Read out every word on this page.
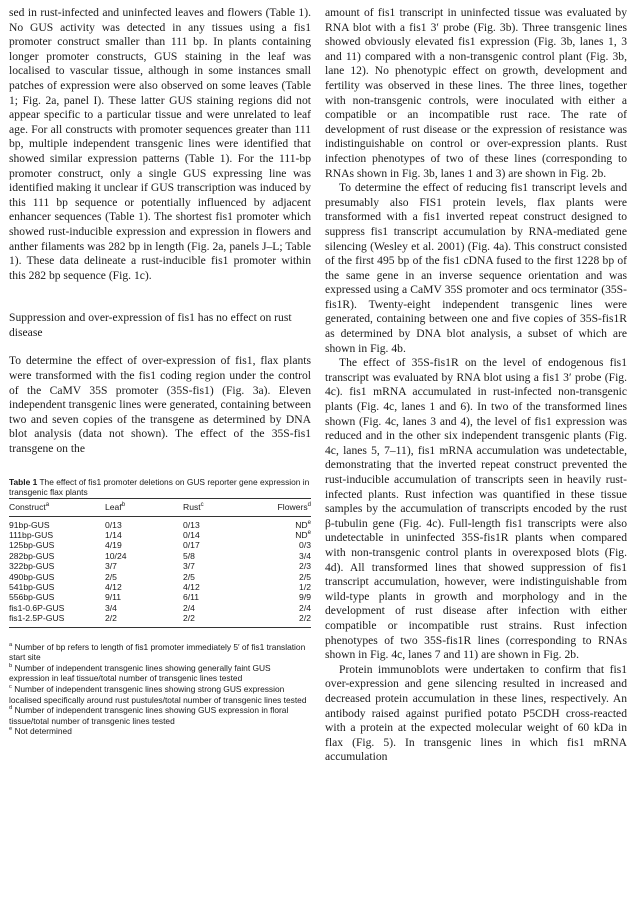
sed in rust-infected and uninfected leaves and flowers (Table 1). No GUS activity was detected in any tissues using a fis1 promoter construct smaller than 111 bp. In plants containing longer promoter constructs, GUS staining in the leaf was localised to vascular tissue, although in some instances small patches of expression were also observed on some leaves (Table 1; Fig. 2a, panel I). These latter GUS staining regions did not appear specific to a particular tissue and were unrelated to leaf age. For all constructs with promoter sequences greater than 111 bp, multiple independent transgenic lines were identified that showed similar expression patterns (Table 1). For the 111-bp promoter construct, only a single GUS expressing line was identified making it unclear if GUS transcription was induced by this 111 bp sequence or potentially influenced by adjacent enhancer sequences (Table 1). The shortest fis1 promoter which showed rust-inducible expression and expression in flowers and anther filaments was 282 bp in length (Fig. 2a, panels J–L; Table 1). These data delineate a rust-inducible fis1 promoter within this 282 bp sequence (Fig. 1c).

Suppression and over-expression of fis1 has no effect on rust disease

To determine the effect of over-expression of fis1, flax plants were transformed with the fis1 coding region under the control of the CaMV 35S promoter (35S-fis1) (Fig. 3a). Eleven independent transgenic lines were generated, containing between two and seven copies of the transgene as determined by DNA blot analysis (data not shown). The effect of the 35S-fis1 transgene on the

Table 1 The effect of fis1 promoter deletions on GUS reporter gene expression in transgenic flax plants

Construct$^a$	Leaf$^b$	Rust$^c$	Flowers$^d$
91bp-GUS	0/13	0/13	$ND^e$
111bp-GUS	1/14	0/14	$ND^e$
125bp-GUS	4/19	0/17	0/3
282bp-GUS	10/24	5/8	3/4
322bp-GUS	3/7	3/7	2/3
490bp-GUS	2/5	2/5	2/5
541bp-GUS	4/12	4/12	1/2
556bp-GUS	9/11	6/11	9/9
fis1-0.6P-GUS	3/4	2/4	2/4
fis1-2.5P-GUS	2/2	2/2	2/2

$^a$ Number of bp refers to length of fis1 promoter immediately 5′ of fis1 translation start site

$^b$ Number of independent transgenic lines showing generally faint GUS expression in leaf tissue/total number of transgenic lines tested

$^c$ Number of independent transgenic lines showing strong GUS expression localised specifically around rust pustules/total number of transgenic lines tested

$^d$ Number of independent transgenic lines showing GUS expression in floral tissue/total number of transgenic lines tested

$^e$ Not determined

amount of fis1 transcript in uninfected tissue was evaluated by RNA blot with a fis1 3′ probe (Fig. 3b). Three transgenic lines showed obviously elevated fis1 expression (Fig. 3b, lanes 1, 3 and 11) compared with a non-transgenic control plant (Fig. 3b, lane 12). No phenotypic effect on growth, development and fertility was observed in these lines. The three lines, together with non-transgenic controls, were inoculated with either a compatible or an incompatible rust race. The rate of development of rust disease or the expression of resistance was indistinguishable on control or over-expression plants. Rust infection phenotypes of two of these lines (corresponding to RNAs shown in Fig. 3b, lanes 1 and 3) are shown in Fig. 2b.

To determine the effect of reducing fis1 transcript levels and presumably also FIS1 protein levels, flax plants were transformed with a fis1 inverted repeat construct designed to suppress fis1 transcript accumulation by RNA-mediated gene silencing (Wesley et al. 2001) (Fig. 4a). This construct consisted of the first 495 bp of the fis1 cDNA fused to the first 1228 bp of the same gene in an inverse sequence orientation and was expressed using a CaMV 35S promoter and ocs terminator (35S-fis1R). Twenty-eight independent transgenic lines were generated, containing between one and five copies of 35S-fis1R as determined by DNA blot analysis, a subset of which are shown in Fig. 4b.

The effect of 35S-fis1R on the level of endogenous fis1 transcript was evaluated by RNA blot using a fis1 3′ probe (Fig. 4c). fis1 mRNA accumulated in rust-infected non-transgenic plants (Fig. 4c, lanes 1 and 6). In two of the transformed lines shown (Fig. 4c, lanes 3 and 4), the level of fis1 expression was reduced and in the other six independent transgenic plants (Fig. 4c, lanes 5, 7–11), fis1 mRNA accumulation was undetectable, demonstrating that the inverted repeat construct prevented the rust-inducible accumulation of transcripts seen in heavily rust-infected plants. Rust infection was quantified in these tissue samples by the accumulation of transcripts encoded by the rust β-tubulin gene (Fig. 4c). Full-length fis1 transcripts were also undetectable in uninfected 35S-fis1R plants when compared with non-transgenic control plants in overexposed blots (Fig. 4d). All transformed lines that showed suppression of fis1 transcript accumulation, however, were indistinguishable from wild-type plants in growth and morphology and in the development of rust disease after infection with either compatible or incompatible rust strains. Rust infection phenotypes of two 35S-fis1R lines (corresponding to RNAs shown in Fig. 4c, lanes 7 and 11) are shown in Fig. 2b.

Protein immunoblots were undertaken to confirm that fis1 over-expression and gene silencing resulted in increased and decreased protein accumulation in these lines, respectively. An antibody raised against purified potato P5CDH cross-reacted with a protein at the expected molecular weight of 60 kDa in flax (Fig. 5). In transgenic lines in which fis1 mRNA accumulation
